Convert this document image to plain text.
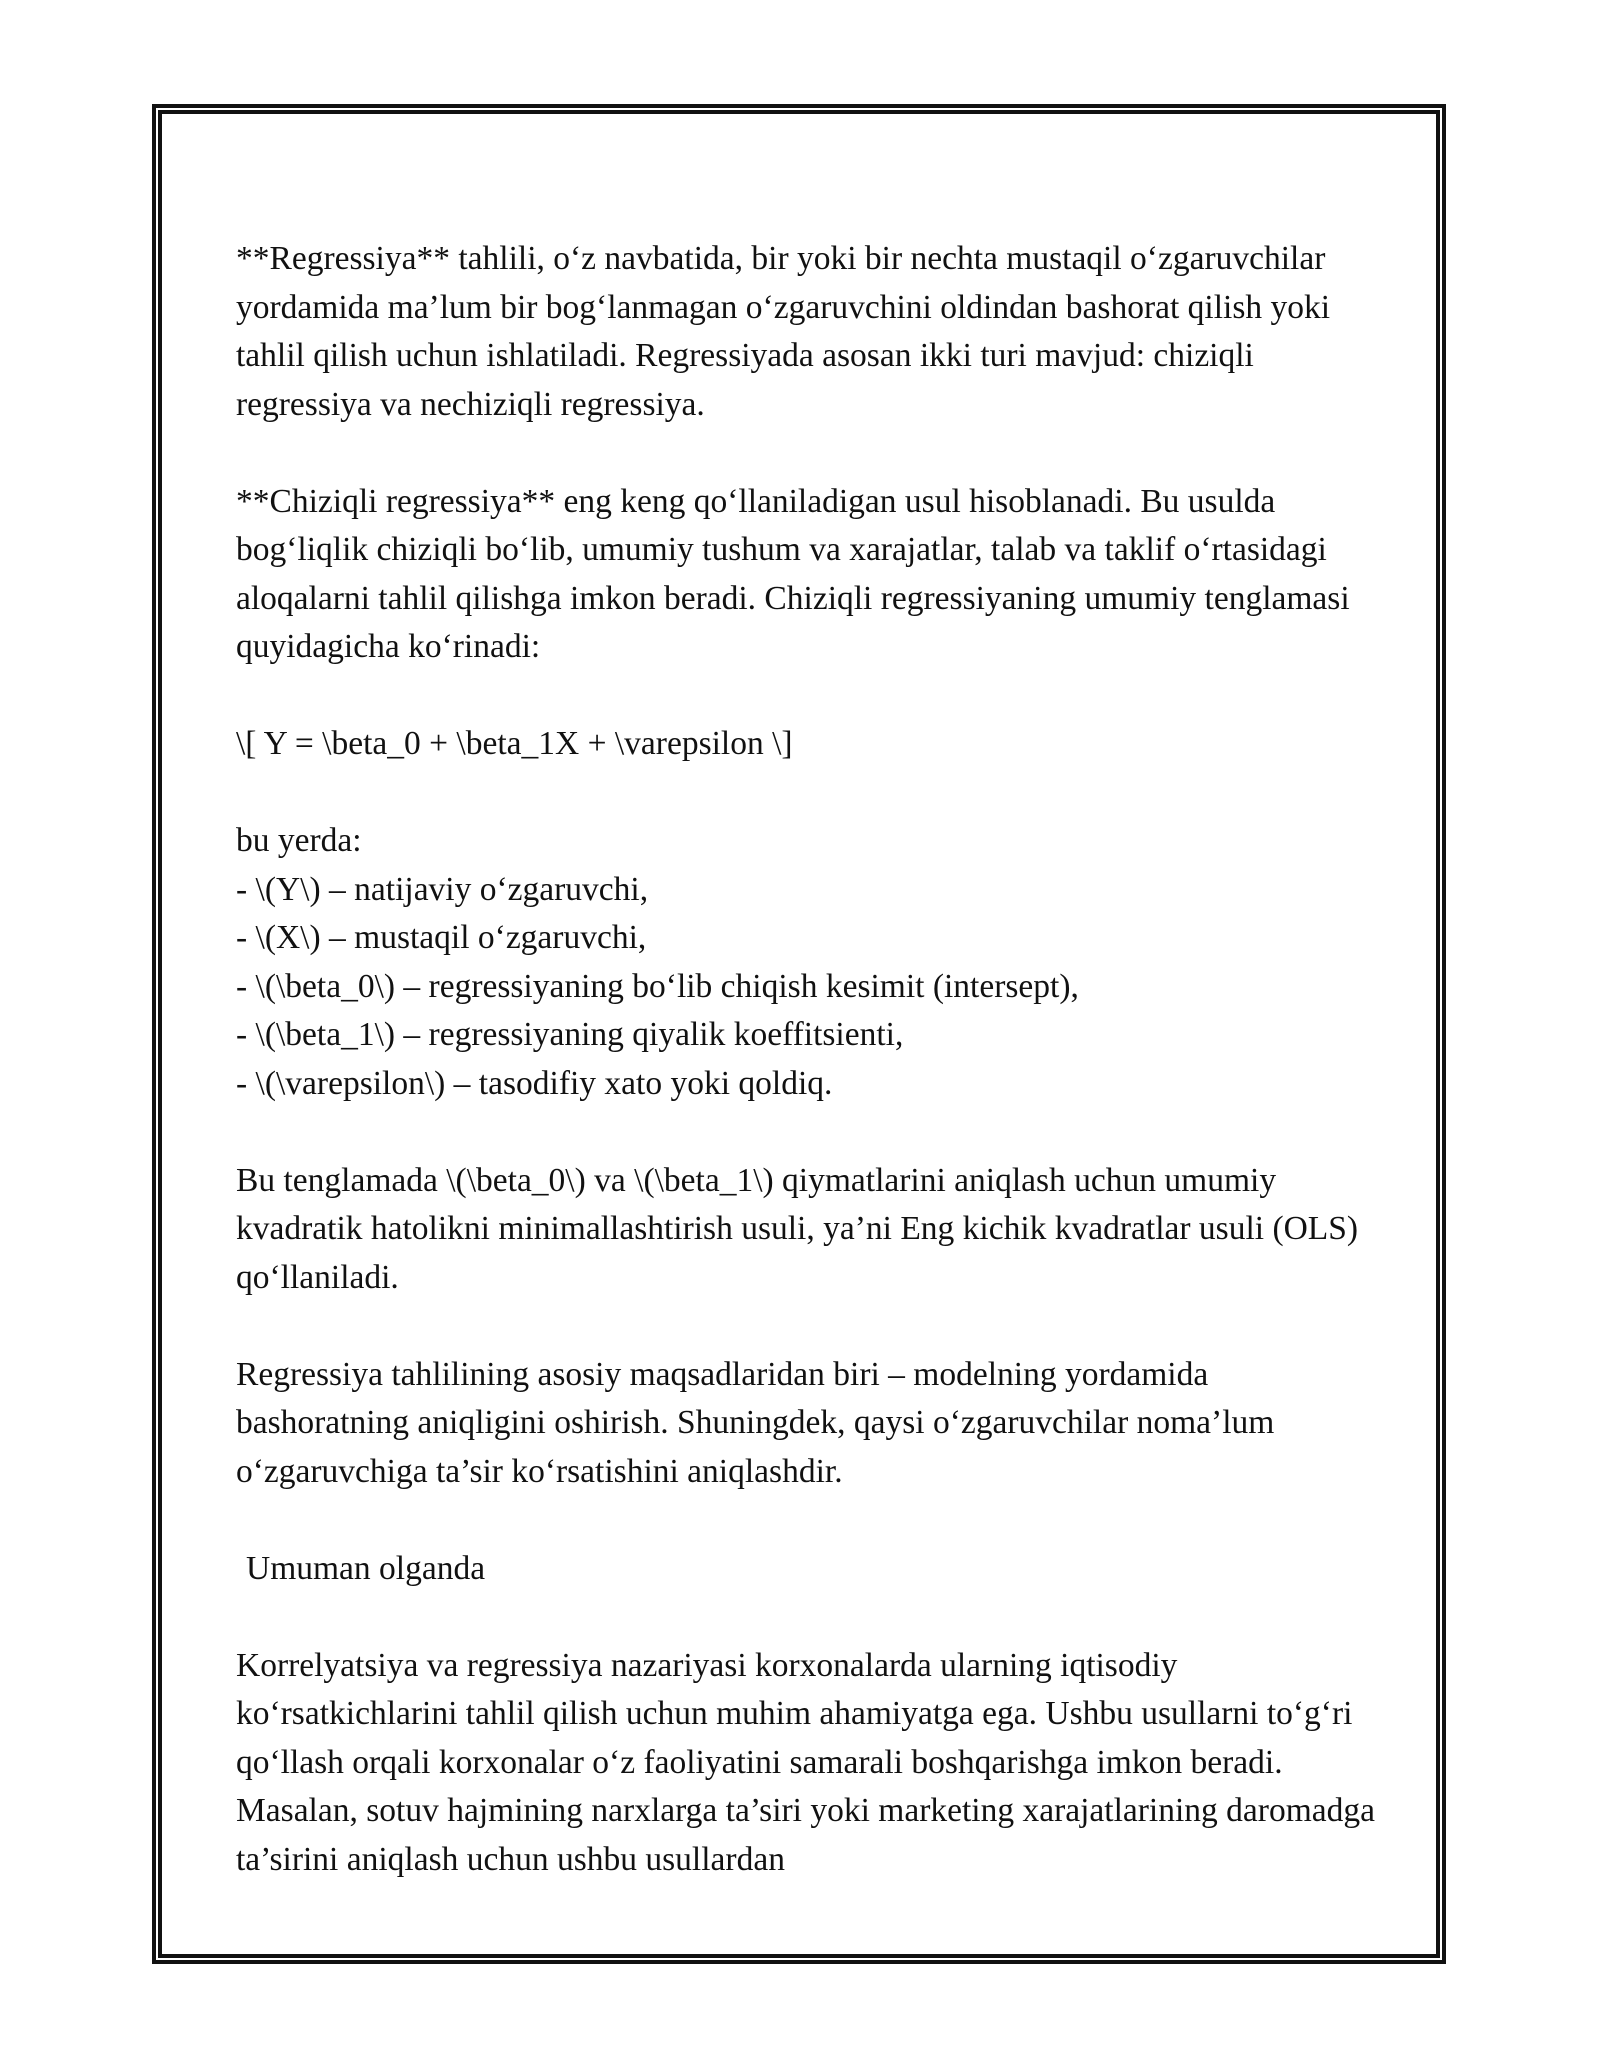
**Regressiya** tahlili, o‘z navbatida, bir yoki bir nechta mustaqil o‘zgaruvchilar yordamida ma’lum bir bog‘lanmagan o‘zgaruvchini oldindan bashorat qilish yoki tahlil qilish uchun ishlatiladi. Regressiyada asosan ikki turi mavjud: chiziqli regressiya va nechiziqli regressiya.

**Chiziqli regressiya** eng keng qo‘llaniladigan usul hisoblanadi. Bu usulda bog‘liqlik chiziqli bo‘lib, umumiy tushum va xarajatlar, talab va taklif o‘rtasidagi aloqalarni tahlil qilishga imkon beradi. Chiziqli regressiyaning umumiy tenglamasi quyidagicha ko‘rinadi:

\[ Y = \beta_0 + \beta_1X + \varepsilon \]

bu yerda:
- \(Y\) – natijaviy o‘zgaruvchi,
- \(X\) – mustaqil o‘zgaruvchi,
- \(\beta_0\) – regressiyaning bo‘lib chiqish kesimit (intersept),
- \(\beta_1\) – regressiyaning qiyalik koeffitsienti,
- \(\varepsilon\) – tasodifiy xato yoki qoldiq.

Bu tenglamada \(\beta_0\) va \(\beta_1\) qiymatlarini aniqlash uchun umumiy kvadratik hatolikni minimallashtirish usuli, ya’ni Eng kichik kvadratlar usuli (OLS) qo‘llaniladi.

Regressiya tahlilining asosiy maqsadlaridan biri – modelning yordamida bashoratning aniqligini oshirish. Shuningdek, qaysi o‘zgaruvchilar noma’lum o‘zgaruvchiga ta’sir ko‘rsatishini aniqlashdir.

Umuman olganda

Korrelyatsiya va regressiya nazariyasi korxonalarda ularning iqtisodiy ko‘rsatkichlarini tahlil qilish uchun muhim ahamiyatga ega. Ushbu usullarni to‘g‘ri qo‘llash orqali korxonalar o‘z faoliyatini samarali boshqarishga imkon beradi. Masalan, sotuv hajmining narxlarga ta’siri yoki marketing xarajatlarining daromadga ta’sirini aniqlash uchun ushbu usullardan
